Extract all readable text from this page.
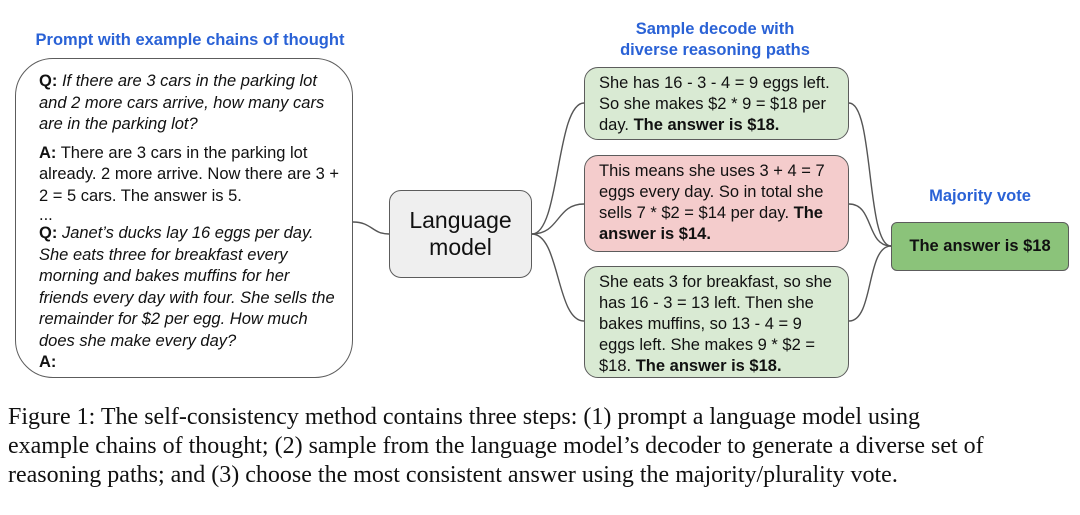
Prompt with example chains of thought
Sample decode with
diverse reasoning paths
Majority vote

Q: If there are 3 cars in the parking lot and 2 more cars arrive, how many cars are in the parking lot?

A: There are 3 cars in the parking lot already. 2 more arrive. Now there are 3 + 2 = 5 cars. The answer is 5.

...

Q: Janet’s ducks lay 16 eggs per day. She eats three for breakfast every morning and bakes muffins for her friends every day with four. She sells the remainder for $2 per egg. How much does she make every day?

A:

Language
model
She has 16 - 3 - 4 = 9 eggs left. So she makes $2 * 9 = $18 per day. The answer is $18.
This means she uses 3 + 4 = 7 eggs every day. So in total she sells 7 * $2 = $14 per day. The answer is $14.
She eats 3 for breakfast, so she has 16 - 3 = 13 left. Then she bakes muffins, so 13 - 4 = 9 eggs left. She makes 9 * $2 = $18. The answer is $18.
The answer is $18
Figure 1: The self-consistency method contains three steps: (1) prompt a language model using
example chains of thought; (2) sample from the language model’s decoder to generate a diverse set of
reasoning paths; and (3) choose the most consistent answer using the majority/plurality vote.
